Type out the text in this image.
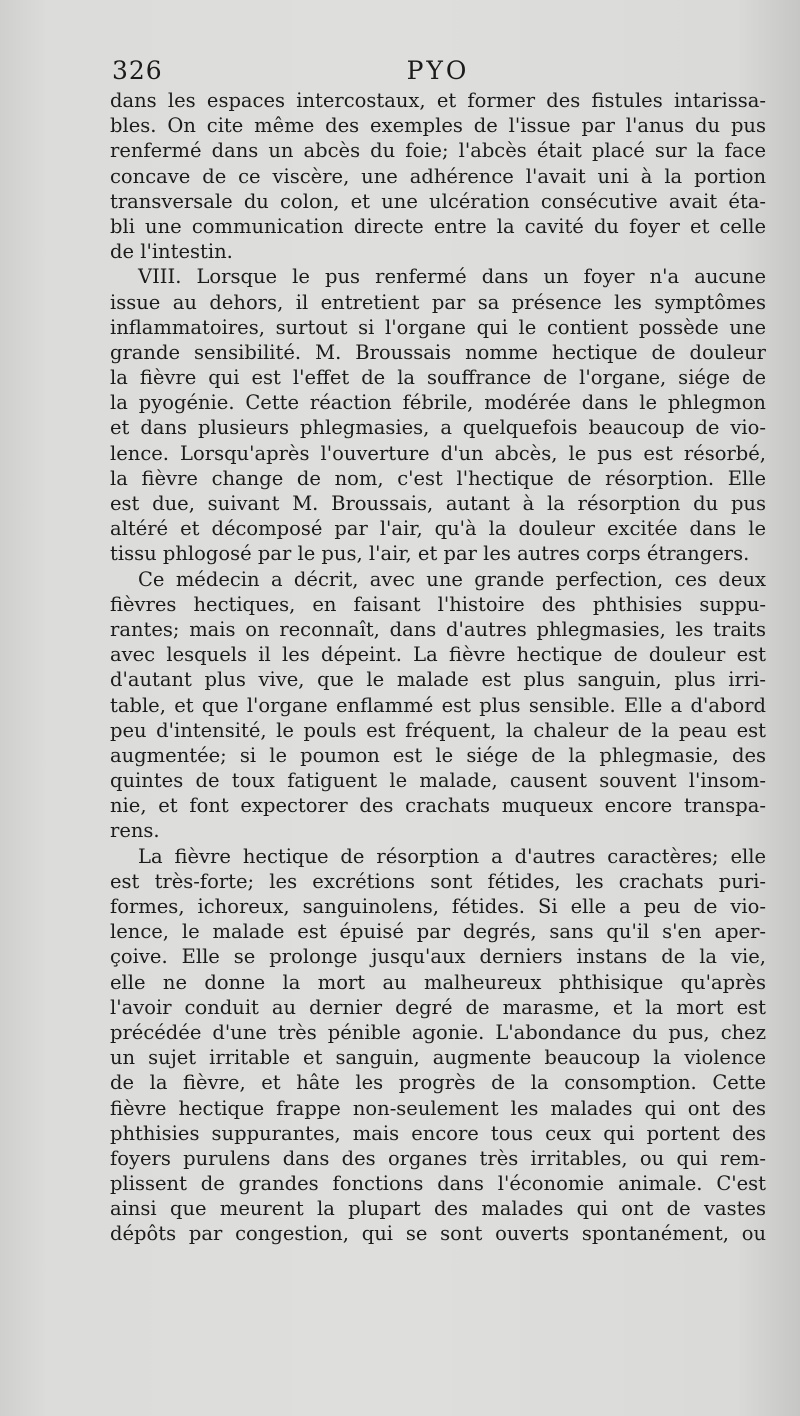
326	PYO
dans les espaces intercostaux, et former des fistules intarissa-
bles. On cite même des exemples de l'issue par l'anus du pus
renfermé dans un abcès du foie; l'abcès était placé sur la face
concave de ce viscère, une adhérence l'avait uni à la portion
transversale du colon, et une ulcération consécutive avait éta-
bli une communication directe entre la cavité du foyer et celle
de l'intestin.
VIII. Lorsque le pus renfermé dans un foyer n'a aucune
issue au dehors, il entretient par sa présence les symptômes
inflammatoires, surtout si l'organe qui le contient possède une
grande sensibilité. M. Broussais nomme hectique de douleur
la fièvre qui est l'effet de la souffrance de l'organe, siége de
la pyogénie. Cette réaction fébrile, modérée dans le phlegmon
et dans plusieurs phlegmasies, a quelquefois beaucoup de vio-
lence. Lorsqu'après l'ouverture d'un abcès, le pus est résorbé,
la fièvre change de nom, c'est l'hectique de résorption. Elle
est due, suivant M. Broussais, autant à la résorption du pus
altéré et décomposé par l'air, qu'à la douleur excitée dans le
tissu phlogosé par le pus, l'air, et par les autres corps étrangers.
Ce médecin a décrit, avec une grande perfection, ces deux
fièvres hectiques, en faisant l'histoire des phthisies suppu-
rantes; mais on reconnaît, dans d'autres phlegmasies, les traits
avec lesquels il les dépeint. La fièvre hectique de douleur est
d'autant plus vive, que le malade est plus sanguin, plus irri-
table, et que l'organe enflammé est plus sensible. Elle a d'abord
peu d'intensité, le pouls est fréquent, la chaleur de la peau est
augmentée; si le poumon est le siége de la phlegmasie, des
quintes de toux fatiguent le malade, causent souvent l'insom-
nie, et font expectorer des crachats muqueux encore transpa-
rens.
La fièvre hectique de résorption a d'autres caractères; elle
est très-forte; les excrétions sont fétides, les crachats puri-
formes, ichoreux, sanguinolens, fétides. Si elle a peu de vio-
lence, le malade est épuisé par degrés, sans qu'il s'en aper-
çoive. Elle se prolonge jusqu'aux derniers instans de la vie,
elle ne donne la mort au malheureux phthisique qu'après
l'avoir conduit au dernier degré de marasme, et la mort est
précédée d'une très pénible agonie. L'abondance du pus, chez
un sujet irritable et sanguin, augmente beaucoup la violence
de la fièvre, et hâte les progrès de la consomption. Cette
fièvre hectique frappe non-seulement les malades qui ont des
phthisies suppurantes, mais encore tous ceux qui portent des
foyers purulens dans des organes très irritables, ou qui rem-
plissent de grandes fonctions dans l'économie animale. C'est
ainsi que meurent la plupart des malades qui ont de vastes
dépôts par congestion, qui se sont ouverts spontanément, ou
